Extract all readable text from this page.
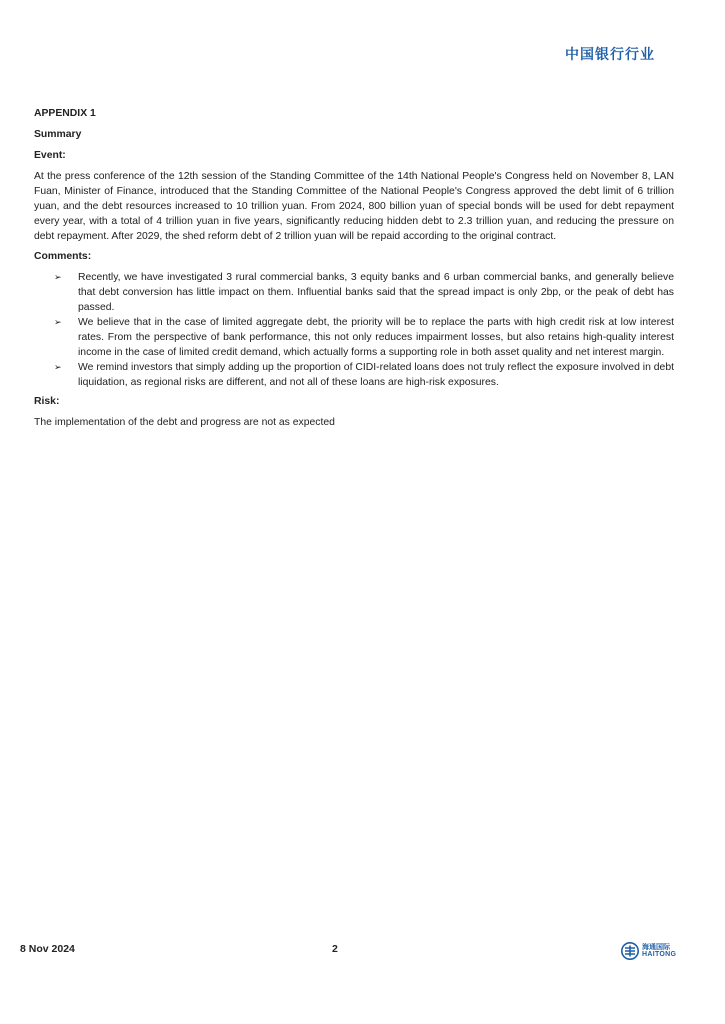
中国银行行业
APPENDIX 1
Summary
Event:

At the press conference of the 12th session of the Standing Committee of the 14th National People's Congress held on November 8, LAN Fuan, Minister of Finance, introduced that the Standing Committee of the National People's Congress approved the debt limit of 6 trillion yuan, and the debt resources increased to 10 trillion yuan. From 2024, 800 billion yuan of special bonds will be used for debt repayment every year, with a total of 4 trillion yuan in five years, significantly reducing hidden debt to 2.3 trillion yuan, and reducing the pressure on debt repayment. After 2029, the shed reform debt of 2 trillion yuan will be repaid according to the original contract.

Comments:
➢ Recently, we have investigated 3 rural commercial banks, 3 equity banks and 6 urban commercial banks, and generally believe that debt conversion has little impact on them. Influential banks said that the spread impact is only 2bp, or the peak of debt has passed.
➢ We believe that in the case of limited aggregate debt, the priority will be to replace the parts with high credit risk at low interest rates. From the perspective of bank performance, this not only reduces impairment losses, but also retains high-quality interest income in the case of limited credit demand, which actually forms a supporting role in both asset quality and net interest margin.
➢ We remind investors that simply adding up the proportion of CIDI-related loans does not truly reflect the exposure involved in debt liquidation, as regional risks are different, and not all of these loans are high-risk exposures.
Risk:

The implementation of the debt and progress are not as expected

8 Nov 2024	2	海通国际
HAITONG
